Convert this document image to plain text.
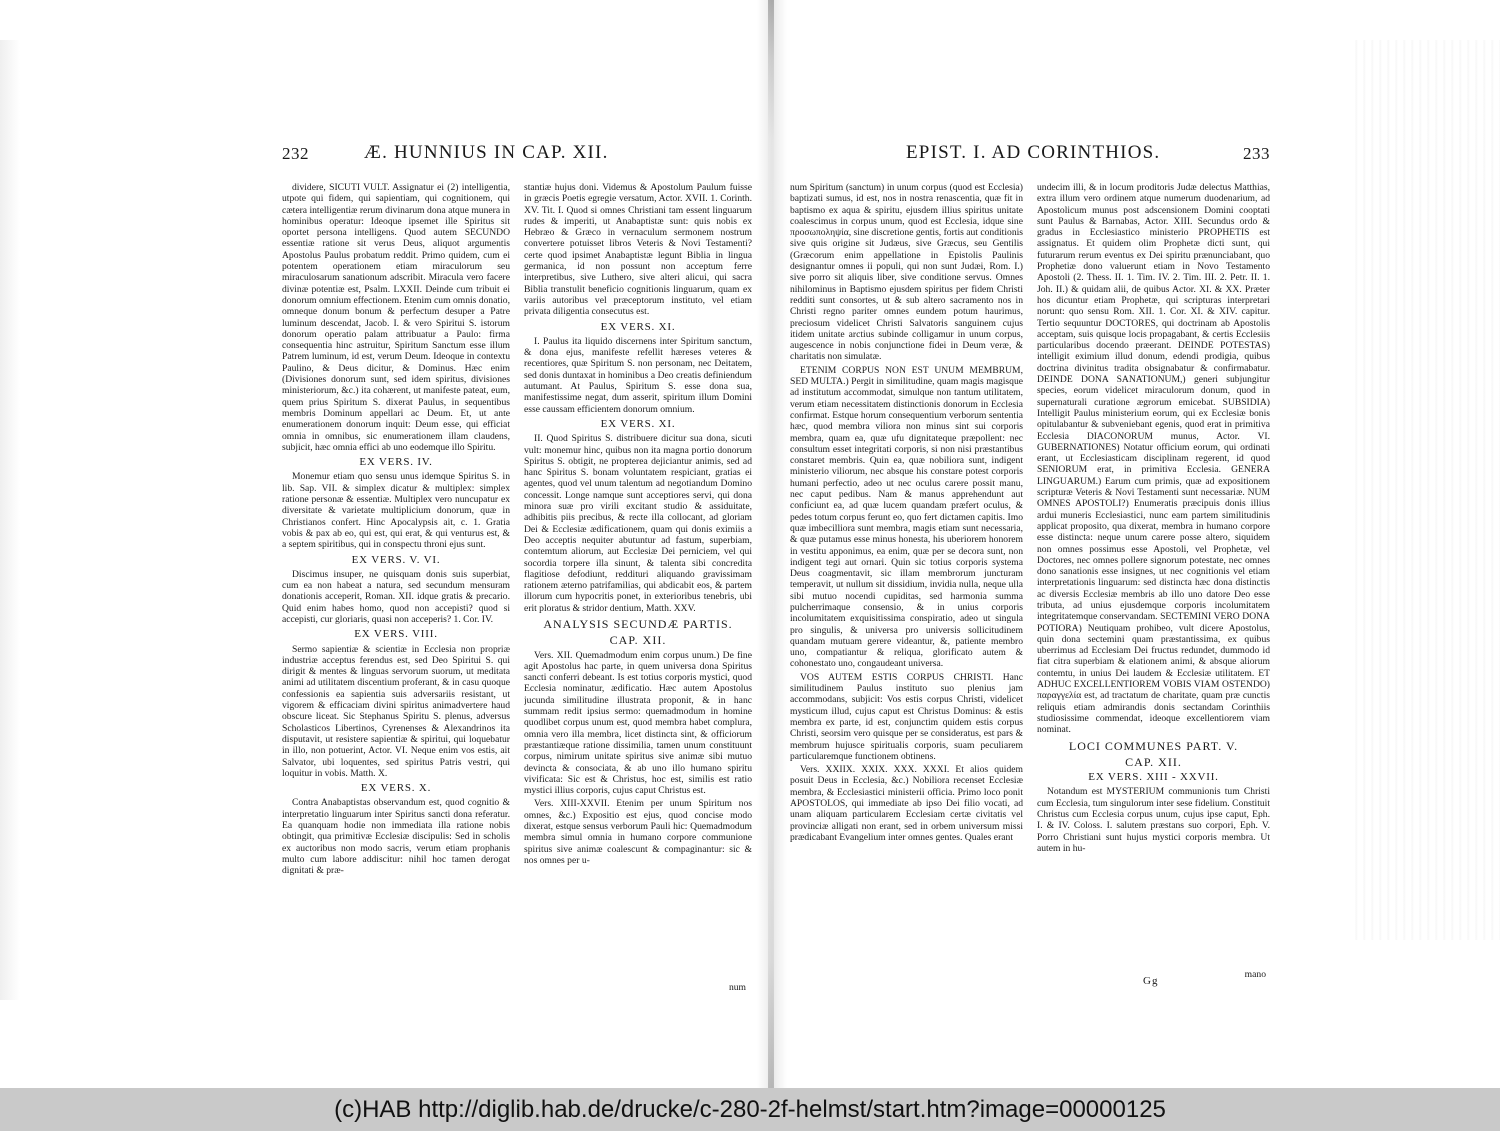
232	Æ. HUNNIUS IN CAP. XII.

dividere, SICUTI VULT. Assignatur ei (2) intelligentia, utpote qui fidem, qui sapientiam, qui cognitionem, qui cætera intelligentiæ rerum divinarum dona atque munera in hominibus operatur: Ideoque ipsemet ille Spiritus sit oportet persona intelligens. Quod autem SECUNDO essentiæ ratione sit verus Deus, aliquot argumentis Apostolus Paulus probatum reddit. Primo quidem, cum ei potentem operationem etiam miraculorum seu miraculosarum sanationum adscribit. Miracula vero facere divinæ potentiæ est, Psalm. LXXII. Deinde cum tribuit ei donorum omnium effectionem. Etenim cum omnis donatio, omneque donum bonum & perfectum desuper a Patre luminum descendat, Jacob. I. & vero Spiritui S. istorum donorum operatio palam attribuatur a Paulo: firma consequentia hinc astruitur, Spiritum Sanctum esse illum Patrem luminum, id est, verum Deum. Ideoque in contextu Paulino, & Deus dicitur, & Dominus. Hæc enim (Divisiones donorum sunt, sed idem spiritus, divisiones ministeriorum, &c.) ita cohærent, ut manifeste pateat, eum, quem prius Spiritum S. dixerat Paulus, in sequentibus membris Dominum appellari ac Deum. Et, ut ante enumerationem donorum inquit: Deum esse, qui efficiat omnia in omnibus, sic enumerationem illam claudens, subjicit, hæc omnia effici ab uno eodemque illo Spiritu.

EX VERS. IV.

Monemur etiam quo sensu unus idemque Spiritus S. in lib. Sap. VII. & simplex dicatur & multiplex: simplex ratione personæ & essentiæ. Multiplex vero nuncupatur ex diversitate & varietate multiplicium donorum, quæ in Christianos confert. Hinc Apocalypsis ait, c. 1. Gratia vobis & pax ab eo, qui est, qui erat, & qui venturus est, & a septem spiritibus, qui in conspectu throni ejus sunt.

EX VERS. V. VI.

Discimus insuper, ne quisquam donis suis superbiat, cum ea non habeat a natura, sed secundum mensuram donationis acceperit, Roman. XII. idque gratis & precario. Quid enim habes homo, quod non accepisti? quod si accepisti, cur gloriaris, quasi non acceperis? 1. Cor. IV.

EX VERS. VIII.

Sermo sapientiæ & scientiæ in Ecclesia non propriæ industriæ acceptus ferendus est, sed Deo Spiritui S. qui dirigit & mentes & linguas servorum suorum, ut meditata animi ad utilitatem discentium proferant, & in casu quoque confessionis ea sapientia suis adversariis resistant, ut vigorem & efficaciam divini spiritus animadvertere haud obscure liceat. Sic Stephanus Spiritu S. plenus, adversus Scholasticos Libertinos, Cyrenenses & Alexandrinos ita disputavit, ut resistere sapientiæ & spiritui, qui loquebatur in illo, non potuerint, Actor. VI. Neque enim vos estis, ait Salvator, ubi loquentes, sed spiritus Patris vestri, qui loquitur in vobis. Matth. X.

EX VERS. X.

Contra Anabaptistas observandum est, quod cognitio & interpretatio linguarum inter Spiritus sancti dona referatur. Ea quanquam hodie non immediata illa ratione nobis obtingit, qua primitivæ Ecclesiæ discipulis: Sed in scholis ex auctoribus non modo sacris, verum etiam prophanis multo cum labore addiscitur: nihil hoc tamen derogat dignitati & præ-

stantiæ hujus doni. Videmus & Apostolum Paulum fuisse in græcis Poetis egregie versatum, Actor. XVII. 1. Corinth. XV. Tit. I. Quod si omnes Christiani tam essent linguarum rudes & imperiti, ut Anabaptistæ sunt: quis nobis ex Hebræo & Græco in vernaculum sermonem nostrum convertere potuisset libros Veteris & Novi Testamenti? certe quod ipsimet Anabaptistæ legunt Biblia in lingua germanica, id non possunt non acceptum ferre interpretibus, sive Luthero, sive alteri alicui, qui sacra Biblia transtulit beneficio cognitionis linguarum, quam ex variis autoribus vel præceptorum instituto, vel etiam privata diligentia consecutus est.

EX VERS. XI.

I. Paulus ita liquido discernens inter Spiritum sanctum, & dona ejus, manifeste refellit hæreses veteres & recentiores, quæ Spiritum S. non personam, nec Deitatem, sed donis duntaxat in hominibus a Deo creatis definiendum autumant. At Paulus, Spiritum S. esse dona sua, manifestissime negat, dum asserit, spiritum illum Domini esse caussam efficientem donorum omnium.

EX VERS. XI.

II. Quod Spiritus S. distribuere dicitur sua dona, sicuti vult: monemur hinc, quibus non ita magna portio donorum Spiritus S. obtigit, ne propterea dejiciantur animis, sed ad hanc Spiritus S. bonam voluntatem respiciant, gratias ei agentes, quod vel unum talentum ad negotiandum Domino concessit. Longe namque sunt acceptiores servi, qui dona minora suæ pro virili excitant studio & assiduitate, adhibitis piis precibus, & recte illa collocant, ad gloriam Dei & Ecclesiæ ædificationem, quam qui donis eximiis a Deo acceptis nequiter abutuntur ad fastum, superbiam, contemtum aliorum, aut Ecclesiæ Dei perniciem, vel qui socordia torpere illa sinunt, & talenta sibi concredita flagitiose defodiunt, reddituri aliquando gravissimam rationem æterno patrifamilias, qui abdicabit eos, & partem illorum cum hypocritis ponet, in exterioribus tenebris, ubi erit ploratus & stridor dentium, Matth. XXV.

ANALYSIS SECUNDÆ PARTIS.
CAP. XII.

Vers. XII. Quemadmodum enim corpus unum.) De fine agit Apostolus hac parte, in quem universa dona Spiritus sancti conferri debeant. Is est totius corporis mystici, quod Ecclesia nominatur, ædificatio. Hæc autem Apostolus jucunda similitudine illustrata proponit, & in hanc summam redit ipsius sermo: quemadmodum in homine quodlibet corpus unum est, quod membra habet complura, omnia vero illa membra, licet distincta sint, & officiorum præstantiæque ratione dissimilia, tamen unum constituunt corpus, nimirum unitate spiritus sive animæ sibi mutuo devincta & consociata, & ab uno illo humano spiritu vivificata: Sic est & Christus, hoc est, similis est ratio mystici illius corporis, cujus caput Christus est.

Vers. XIII-XXVII. Etenim per unum Spiritum nos omnes, &c.) Expositio est ejus, quod concise modo dixerat, estque sensus verborum Pauli hic: Quemadmodum membra simul omnia in humano corpore communione spiritus sive animæ coalescunt & compaginantur: sic & nos omnes per u-

num
EPIST. I. AD CORINTHIOS.	233

num Spiritum (sanctum) in unum corpus (quod est Ecclesia) baptizati sumus, id est, nos in nostra renascentia, quæ fit in baptismo ex aqua & spiritu, ejusdem illius spiritus unitate coalescimus in corpus unum, quod est Ecclesia, idque sine προσωποληψία, sine discretione gentis, fortis aut conditionis sive quis origine sit Judæus, sive Græcus, seu Gentilis (Græcorum enim appellatione in Epistolis Paulinis designantur omnes ii populi, qui non sunt Judæi, Rom. I.) sive porro sit aliquis liber, sive conditione servus. Omnes nihilominus in Baptismo ejusdem spiritus per fidem Christi redditi sunt consortes, ut & sub altero sacramento nos in Christi regno pariter omnes eundem potum haurimus, preciosum videlicet Christi Salvatoris sanguinem cujus itidem unitate arctius subinde colligamur in unum corpus, augescence in nobis conjunctione fidei in Deum veræ, & charitatis non simulatæ.

ETENIM CORPUS NON EST UNUM MEMBRUM, SED MULTA.) Pergit in similitudine, quam magis magisque ad institutum accommodat, simulque non tantum utilitatem, verum etiam necessitatem distinctionis donorum in Ecclesia confirmat. Estque horum consequentium verborum sententia hæc, quod membra viliora non minus sint sui corporis membra, quam ea, quæ ufu dignitateque præpollent: nec consultum esset integritati corporis, si non nisi præstantibus constaret membris. Quin ea, quæ nobiliora sunt, indigent ministerio viliorum, nec absque his constare potest corporis humani perfectio, adeo ut nec oculus carere possit manu, nec caput pedibus. Nam & manus apprehendunt aut conficiunt ea, ad quæ lucem quandam præfert oculus, & pedes totum corpus ferunt eo, quo fert dictamen capitis. Imo quæ imbecilliora sunt membra, magis etiam sunt necessaria, & quæ putamus esse minus honesta, his uberiorem honorem in vestitu apponimus, ea enim, quæ per se decora sunt, non indigent tegi aut ornari. Quin sic totius corporis systema Deus coagmentavit, sic illam membrorum juncturam temperavit, ut nullum sit dissidium, invidia nulla, neque ulla sibi mutuo nocendi cupiditas, sed harmonia summa pulcherrimaque consensio, & in unius corporis incolumitatem exquisitissima conspiratio, adeo ut singula pro singulis, & universa pro universis sollicitudinem quandam mutuam gerere videantur, &, patiente membro uno, compatiantur & reliqua, glorificato autem & cohonestato uno, congaudeant universa.

VOS AUTEM ESTIS CORPUS CHRISTI. Hanc similitudinem Paulus instituto suo plenius jam accommodans, subjicit: Vos estis corpus Christi, videlicet mysticum illud, cujus caput est Christus Dominus: & estis membra ex parte, id est, conjunctim quidem estis corpus Christi, seorsim vero quisque per se consideratus, est pars & membrum hujusce spiritualis corporis, suam peculiarem particularemque functionem obtinens.

Vers. XXIIX. XXIX. XXX. XXXI. Et alios quidem posuit Deus in Ecclesia, &c.) Nobiliora recenset Ecclesiæ membra, & Ecclesiastici ministerii officia. Primo loco ponit APOSTOLOS, qui immediate ab ipso Dei filio vocati, ad unam aliquam particularem Ecclesiam certæ civitatis vel provinciæ alligati non erant, sed in orbem universum missi prædicabant Evangelium inter omnes gentes. Quales erant

undecim illi, & in locum proditoris Judæ delectus Matthias, extra illum vero ordinem atque numerum duodenarium, ad Apostolicum munus post adscensionem Domini cooptati sunt Paulus & Barnabas, Actor. XIII. Secundus ordo & gradus in Ecclesiastico ministerio PROPHETIS est assignatus. Et quidem olim Prophetæ dicti sunt, qui futurarum rerum eventus ex Dei spiritu prænunciabant, quo Prophetiæ dono valuerunt etiam in Novo Testamento Apostoli (2. Thess. II. 1. Tim. IV. 2. Tim. III. 2. Petr. II. 1. Joh. II.) & quidam alii, de quibus Actor. XI. & XX. Præter hos dicuntur etiam Prophetæ, qui scripturas interpretari norunt: quo sensu Rom. XII. 1. Cor. XI. & XIV. capitur. Tertio sequuntur DOCTORES, qui doctrinam ab Apostolis acceptam, suis quisque locis propagabant, & certis Ecclesiis particularibus docendo præerant. DEINDE POTESTAS) intelligit eximium illud donum, edendi prodigia, quibus doctrina divinitus tradita obsignabatur & confirmabatur. DEINDE DONA SANATIONUM,) generi subjungitur species, eorum videlicet miraculorum donum, quod in supernaturali curatione ægrorum emicebat. SUBSIDIA) Intelligit Paulus ministerium eorum, qui ex Ecclesiæ bonis opitulabantur & subveniebant egenis, quod erat in primitiva Ecclesia DIACONORUM munus, Actor. VI. GUBERNATIONES) Notatur officium eorum, qui ordinati erant, ut Ecclesiasticam disciplinam regerent, id quod SENIORUM erat, in primitiva Ecclesia. GENERA LINGUARUM.) Earum cum primis, quæ ad expositionem scripturæ Veteris & Novi Testamenti sunt necessariæ. NUM OMNES APOSTOLI?) Enumeratis præcipuis donis illius ardui muneris Ecclesiastici, nunc eam partem similitudinis applicat proposito, qua dixerat, membra in humano corpore esse distincta: neque unum carere posse altero, siquidem non omnes possimus esse Apostoli, vel Prophetæ, vel Doctores, nec omnes pollere signorum potestate, nec omnes dono sanationis esse insignes, ut nec cognitionis vel etiam interpretationis linguarum: sed distincta hæc dona distinctis ac diversis Ecclesiæ membris ab illo uno datore Deo esse tributa, ad unius ejusdemque corporis incolumitatem integritatemque conservandam. SECTEMINI VERO DONA POTIORA) Neutiquam prohibeo, vult dicere Apostolus, quin dona sectemini quam præstantissima, ex quibus uberrimus ad Ecclesiam Dei fructus redundet, dummodo id fiat citra superbiam & elationem animi, & absque aliorum contemtu, in unius Dei laudem & Ecclesiæ utilitatem. ET ADHUC EXCELLENTIOREM VOBIS VIAM OSTENDO) παραγγελία est, ad tractatum de charitate, quam præ cunctis reliquis etiam admirandis donis sectandam Corinthiis studiosissime commendat, ideoque excellentiorem viam nominat.

LOCI COMMUNES PART. V.
CAP. XII.
EX VERS. XIII - XXVII.

Notandum est MYSTERIUM communionis tum Christi cum Ecclesia, tum singulorum inter sese fidelium. Constituit Christus cum Ecclesia corpus unum, cujus ipse caput, Eph. I. & IV. Coloss. I. salutem præstans suo corpori, Eph. V. Porro Christiani sunt hujus mystici corporis membra. Ut autem in hu-

Gg
mano
(c)HAB http://diglib.hab.de/drucke/c-280-2f-helmst/start.htm?image=00000125
